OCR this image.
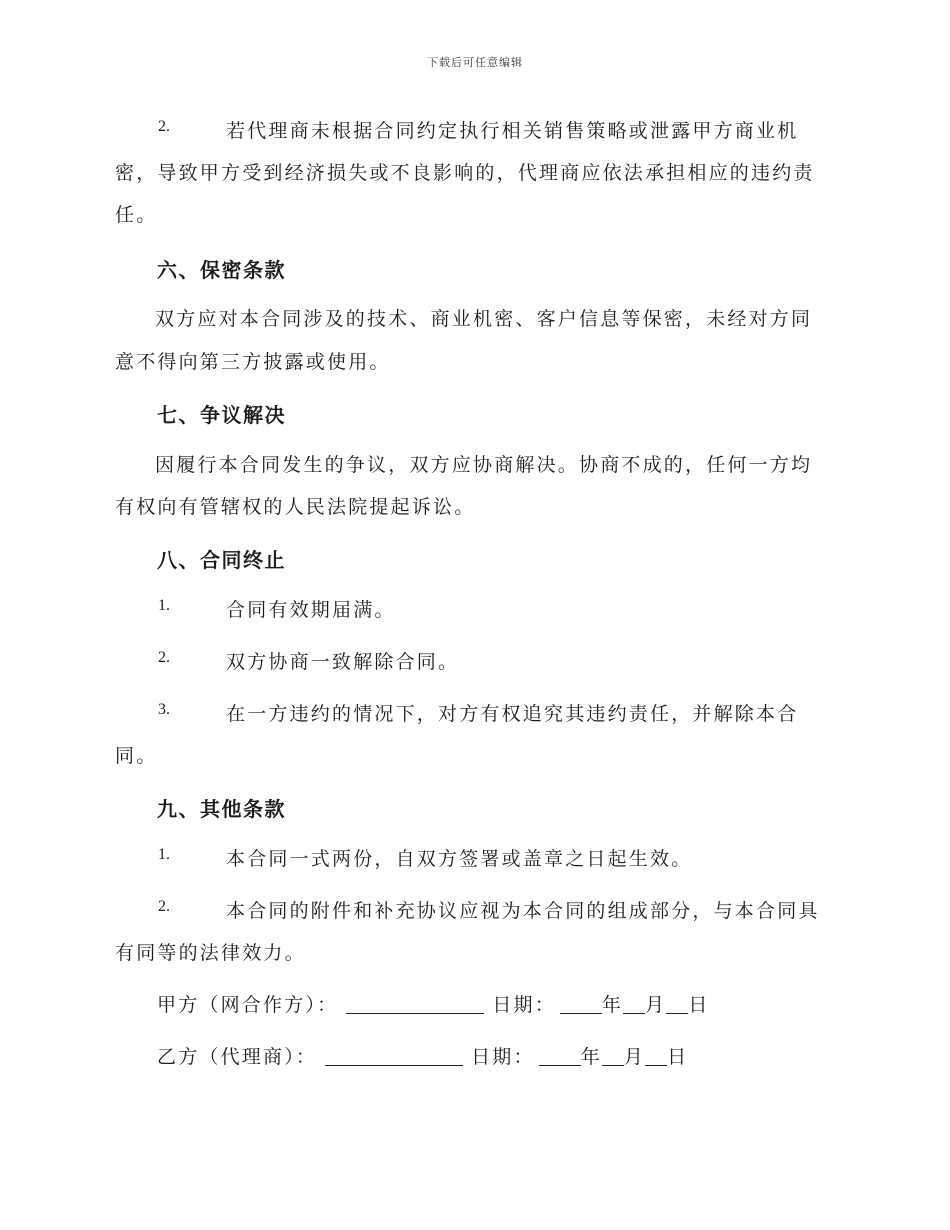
下载后可任意编辑
2.	若代理商未根据合同约定执行相关销售策略或泄露甲方商业机
密，导致甲方受到经济损失或不良影响的，代理商应依法承担相应的违约责
任。
六、保密条款
双方应对本合同涉及的技术、商业机密、客户信息等保密，未经对方同
意不得向第三方披露或使用。
七、争议解决
因履行本合同发生的争议，双方应协商解决。协商不成的，任何一方均
有权向有管辖权的人民法院提起诉讼。
八、合同终止
1.	合同有效期届满。
2.	双方协商一致解除合同。
3.	在一方违约的情况下，对方有权追究其违约责任，并解除本合
同。
九、其他条款
1.	本合同一式两份，自双方签署或盖章之日起生效。
2.	本合同的附件和补充协议应视为本合同的组成部分，与本合同具
有同等的法律效力。
甲方（网合作方）：	日期： 年 月 日
乙方（代理商）：	日期： 年 月 日
